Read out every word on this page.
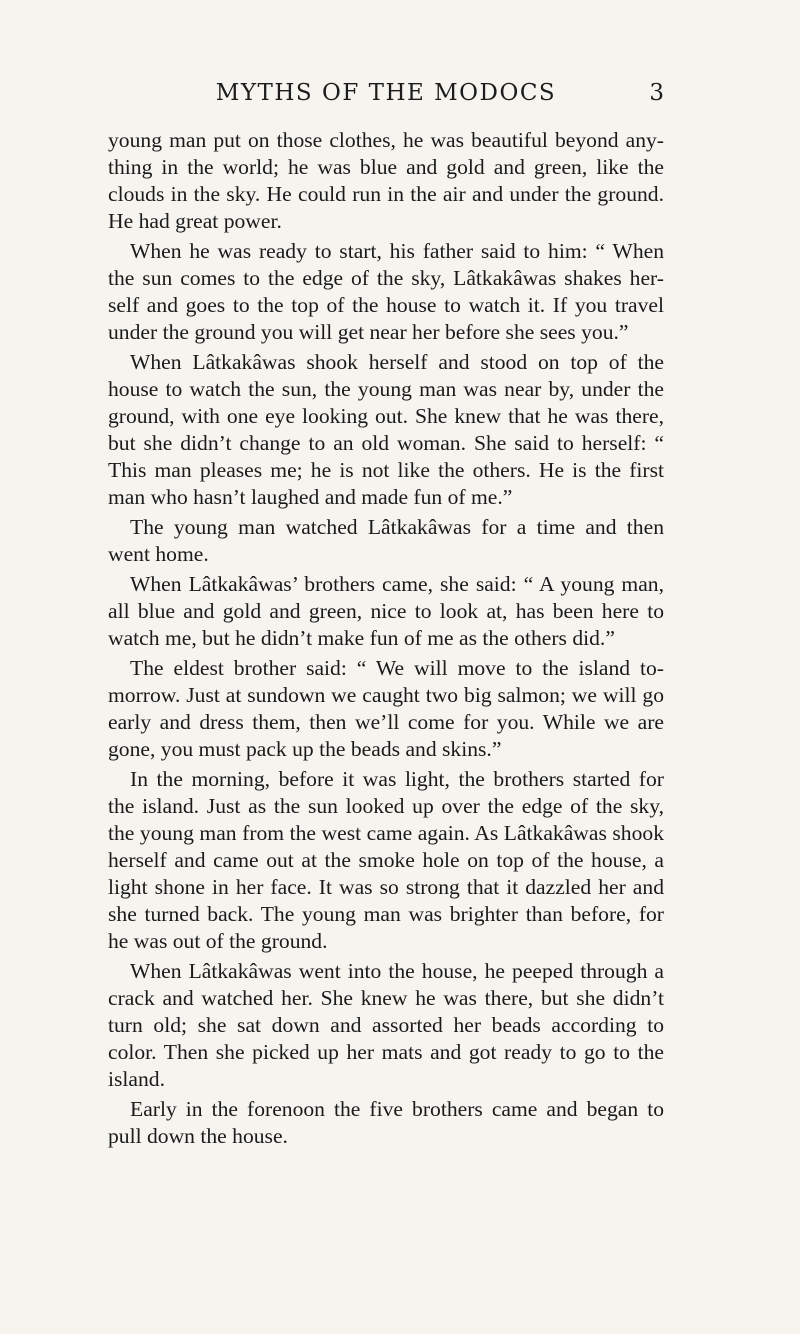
MYTHS OF THE MODOCS	3

young man put on those clothes, he was beautiful beyond any-thing in the world; he was blue and gold and green, like the clouds in the sky. He could run in the air and under the ground. He had great power.

When he was ready to start, his father said to him: “ When the sun comes to the edge of the sky, Lâtkakâwas shakes her-self and goes to the top of the house to watch it. If you travel under the ground you will get near her before she sees you.”

When Lâtkakâwas shook herself and stood on top of the house to watch the sun, the young man was near by, under the ground, with one eye looking out. She knew that he was there, but she didn’t change to an old woman. She said to herself: “ This man pleases me; he is not like the others. He is the first man who hasn’t laughed and made fun of me.”

The young man watched Lâtkakâwas for a time and then went home.

When Lâtkakâwas’ brothers came, she said: “ A young man, all blue and gold and green, nice to look at, has been here to watch me, but he didn’t make fun of me as the others did.”

The eldest brother said: “ We will move to the island to-morrow. Just at sundown we caught two big salmon; we will go early and dress them, then we’ll come for you. While we are gone, you must pack up the beads and skins.”

In the morning, before it was light, the brothers started for the island. Just as the sun looked up over the edge of the sky, the young man from the west came again. As Lâtkakâwas shook herself and came out at the smoke hole on top of the house, a light shone in her face. It was so strong that it dazzled her and she turned back. The young man was brighter than before, for he was out of the ground.

When Lâtkakâwas went into the house, he peeped through a crack and watched her. She knew he was there, but she didn’t turn old; she sat down and assorted her beads according to color. Then she picked up her mats and got ready to go to the island.

Early in the forenoon the five brothers came and began to pull down the house.
